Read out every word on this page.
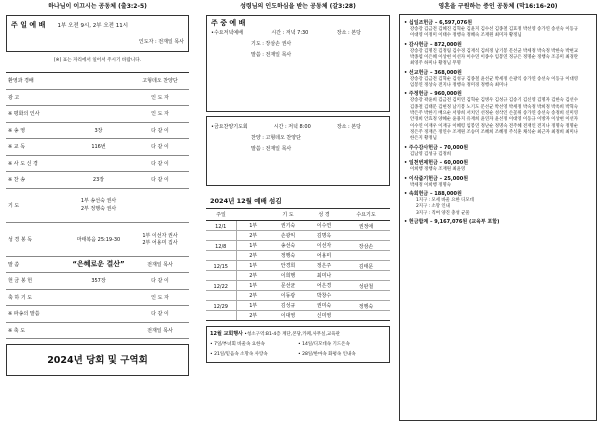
하나님이 이끄시는 공동체 (출3:2-5)
주 일 예 배 1부 오전 9시, 2부 오전 11시
인도자 : 전재일 목사
[※] 표는 자리에서 일어서 주시기 바랍니다.
환영과 경배		고형데오 찬양단
광 고		인 도 자
※ 평화의 인사		인 도 자
※ 송 영	3장	다 같 이
※ 교 독	116번	다 같 이
※ 사 도 신 경		다 같 이
※ 찬 송	23장	다 같 이
기 도	1부 송선숙 권사
2부 정행숙 권사	

성 경 봉 독	마태복음 25:19-30	1부 이선자 권사
2부 어용미 집사

말 씀	“은혜로운 결산”	전재일 목사
헌 금 봉 헌	357장	다 같 이
축 하 기 도		인 도 자
※ 파송의 말씀		다 같 이
※ 축 도		전재일 목사
2024년 당회 및 구역회
성령님의 인도하심을 받는 공동체 (갈3:28)
주 중 예 배
•수요저녁예배	시간 : 저녁 7:30	장소 : 본당
기도 : 장삼손 권사
말씀 : 전재일 목사
•금요찬양기도회	시간 : 저녁 8:00	장소 : 본당
찬양 : 고형데오 찬양단
말씀 : 전재일 목사
2024년 12월 예배 섬김
주일		기 도	성 경	수요기도
12/1	1부	권기숙	이수연	권정애
	2부	손광익	김명옥	
12/8	1부	송선숙	이선자	장삼손
	2부	정행숙	어용미	
12/15	1부	안경희	정은주	김태문
	2부	이희행	최미나	
12/22	1부	문선균	어은경	성판철
	2부	이동광	박창수	
12/29	1부	김성규	권미숙	정행숙
	2부	이대영	신미영	
12월 교회행사 •청소구역:B1-4층 계단,본당,카페,사무실,교육관
• 7일/부녀회 바울속 요한속	• 14일/디모데속 기드온속
• 21일/믿음속 소망속 사랑속	• 28일/한마속 화평속 인내속
영혼을 구원하는 증인 공동체 (막16:16-20)
• 십일조헌금 – 6,597,076원
강송강 김금전 김혜진 김혁순 김윤지 김수선 김종철 김효정 박선영 송가연 송선숙 이동규 이대영 이정미 이태수 정행숙 정혜숙 조재원 최미자 황정님
• 감사헌금 – 872,000원
강송강 김명진 김정림 김수경 김재석 김희정 남기봉 문선균 박세정 박숙정 박한숙 박현교 박종엽 이은혜 이상현 이선자 이수연 이종수 임봉연 정규은 정명순 정행숙 조공미 최경란 최영주 하미나 황정님 무명
• 선교헌금 – 368,000원
강송강 김금전 김혁순 김성규 김종철 윤선균 박세정 손광익 송가연 송선숙 이동규 이대영 임봉연 정상숙 전지나 정행숙 정미경 정행숙 최미나
• 주정헌금 – 960,000원
강송강 곽윤희 김금전 김미연 김혁순 김병우 김성규 김송기 김신영 김명자 김한숙 김선수 김종철 김태문 김현정 남기봉 노기도 문선균 박선영 박세정 박숙정 박희정 박옥희 박혁숙 박은주 박한기 배요순 서양희 서치인 선정순 성삭인 손꽃위 송가연 송선숙 송정희 신미영 안경희 안효정 양혜순 윤용지 유재희 윤연자 윤선정 이대영 이동규 이방자 이상현 이선자 이수연 이재우 이재규 이혜령 임봉연 정난순 정명숙 전주혜 전재인 전지나 정명숙 정명순 정은주 정재은 정연수 조재원 조승미 조혜희 조혜정 주석훈 채석순 최근자 최정희 최미나 한은지 황정님
• 주수감사헌금 – 70,000원
김남영 김성규 김정희
• 일천번제헌금 – 60,000원
이희행 정행숙 조재원 최윤영
• 이삭줍기헌금 – 25,000원
박세정 이희행 정명숙
• 속회헌금 – 188,000원
1지구 : 모세 바울 요한 디모데
2지구 : 소망 인내
3지구 : 직여 양진 충성 균물
• 헌금합계 – 9,167,076원 (교육부 포함)
